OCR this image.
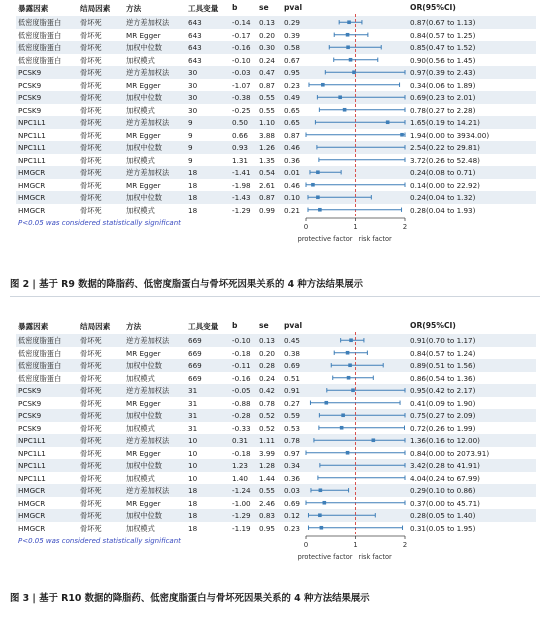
暴露因素	结局因素 方法	工具变量 b	se pval	OR(95%CI)
低密度脂蛋白	骨坏死	逆方差加权法	643	-0.14 0.13 0.29	0.87(0.67 to 1.13)
低密度脂蛋白	骨坏死	MR Egger	643	-0.17 0.20 0.39	0.84(0.57 to 1.25)
低密度脂蛋白	骨坏死	加权中位数	643	-0.16 0.30 0.58	0.85(0.47 to 1.52)
低密度脂蛋白	骨坏死	加权模式	643	-0.10 0.24 0.67	0.90(0.56 to 1.45)
PCSK9	骨坏死	逆方差加权法	30	-0.03 0.47 0.95	0.97(0.39 to 2.43)
PCSK9	骨坏死	MR Egger	30	-1.07 0.87 0.23	0.34(0.06 to 1.89)
PCSK9	骨坏死	加权中位数	30	-0.38 0.55 0.49	0.69(0.23 to 2.01)
PCSK9	骨坏死	加权模式	30	-0.25 0.55 0.65	0.78(0.27 to 2.28)
NPC1L1	骨坏死	逆方差加权法	9	0.50 1.10 0.65	1.65(0.19 to 14.21)
NPC1L1	骨坏死	MR Egger	9	0.66 3.88 0.87	1.94(0.00 to 3934.00)
NPC1L1	骨坏死	加权中位数	9	0.93 1.26 0.46	2.54(0.22 to 29.81)
NPC1L1	骨坏死	加权模式	9	1.31 1.35 0.36	3.72(0.26 to 52.48)
HMGCR	骨坏死	逆方差加权法	18	-1.41 0.54 0.01	0.24(0.08 to 0.71)
HMGCR	骨坏死	MR Egger	18	-1.98 2.61 0.46	0.14(0.00 to 22.92)
HMGCR	骨坏死	加权中位数	18	-1.43 0.87 0.10	0.24(0.04 to 1.32)
HMGCR	骨坏死	加权模式	18	-1.29 0.99 0.21	0.28(0.04 to 1.93)
0	1	2
protective factor risk factor
P<0.05 was considered statistically significant
图 2 | 基于 R9 数据的降脂药、低密度脂蛋白与骨坏死因果关系的 4 种方法结果展示
暴露因素	结局因素 方法	工具变量 b	se pval	OR(95%CI)
低密度脂蛋白	骨坏死	逆方差加权法	669	-0.10 0.13 0.45	0.91(0.70 to 1.17)
低密度脂蛋白	骨坏死	MR Egger	669	-0.18 0.20 0.38	0.84(0.57 to 1.24)
低密度脂蛋白	骨坏死	加权中位数	669	-0.11 0.28 0.69	0.89(0.51 to 1.56)
低密度脂蛋白	骨坏死	加权模式	669	-0.16 0.24 0.51	0.86(0.54 to 1.36)
PCSK9	骨坏死	逆方差加权法	31	-0.05 0.42 0.91	0.95(0.42 to 2.17)
PCSK9	骨坏死	MR Egger	31	-0.88 0.78 0.27	0.41(0.09 to 1.90)
PCSK9	骨坏死	加权中位数	31	-0.28 0.52 0.59	0.75(0.27 to 2.09)
PCSK9	骨坏死	加权模式	31	-0.33 0.52 0.53	0.72(0.26 to 1.99)
NPC1L1	骨坏死	逆方差加权法	10	0.31 1.11 0.78	1.36(0.16 to 12.00)
NPC1L1	骨坏死	MR Egger	10	-0.18 3.99 0.97	0.84(0.00 to 2073.91)
NPC1L1	骨坏死	加权中位数	10	1.23 1.28 0.34	3.42(0.28 to 41.91)
NPC1L1	骨坏死	加权模式	10	1.40 1.44 0.36	4.04(0.24 to 67.99)
HMGCR	骨坏死	逆方差加权法	18	-1.24 0.55 0.03	0.29(0.10 to 0.86)
HMGCR	骨坏死	MR Egger	18	-1.00 2.46 0.69	0.37(0.00 to 45.71)
HMGCR	骨坏死	加权中位数	18	-1.29 0.83 0.12	0.28(0.05 to 1.40)
HMGCR	骨坏死	加权模式	18	-1.19 0.95 0.23	0.31(0.05 to 1.95)
0	1	2
protective factor risk factor
P<0.05 was considered statistically significant
图 3 | 基于 R10 数据的降脂药、低密度脂蛋白与骨坏死因果关系的 4 种方法结果展示
